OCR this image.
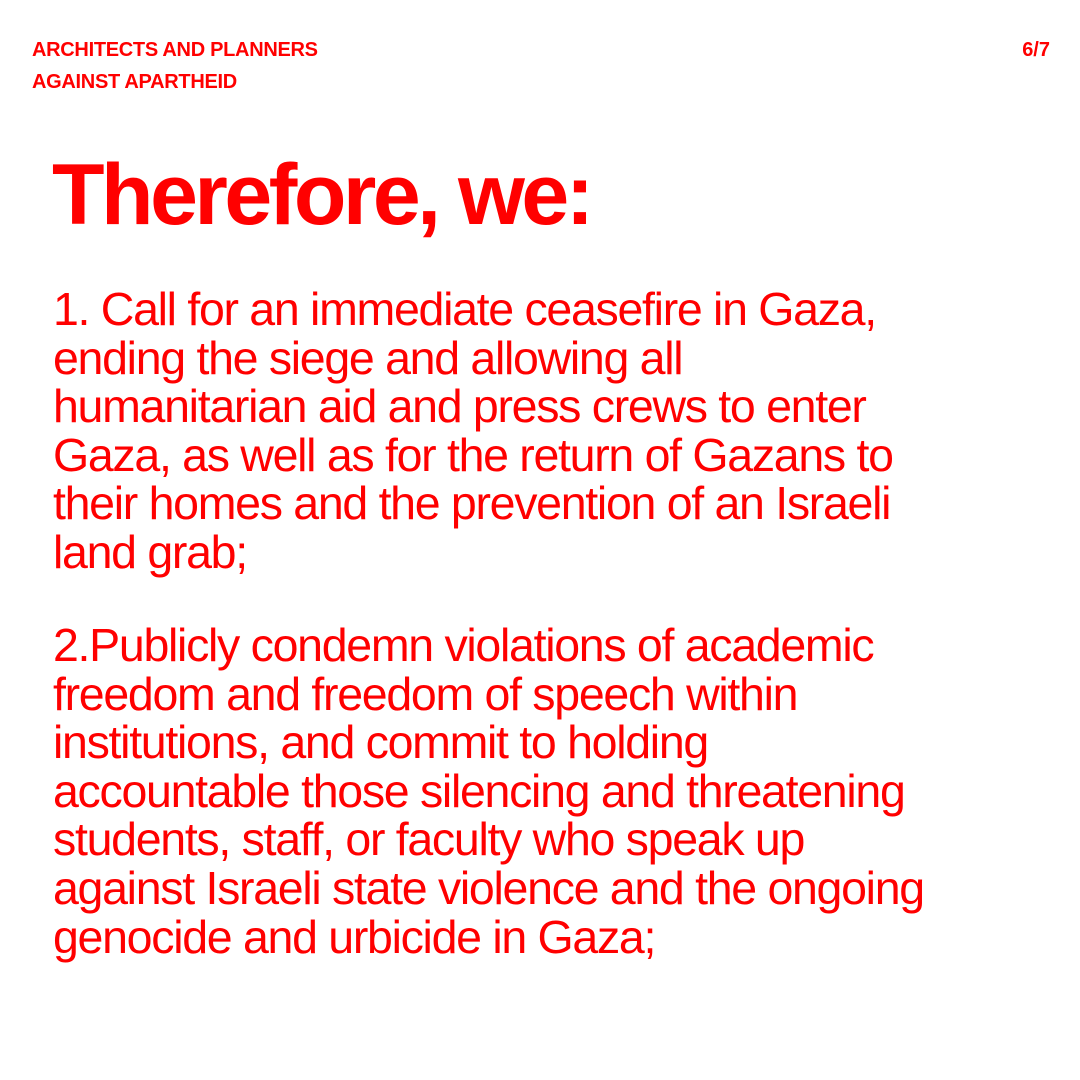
ARCHITECTS AND PLANNERS
AGAINST APARTHEID
6/7
Therefore, we:

1. Call for an immediate ceasefire in Gaza,
ending the siege and allowing all
humanitarian aid and press crews to enter
Gaza, as well as for the return of Gazans to
their homes and the prevention of an Israeli
land grab;

2.Publicly condemn violations of academic
freedom and freedom of speech within
institutions, and commit to holding
accountable those silencing and threatening
students, staff, or faculty who speak up
against Israeli state violence and the ongoing
genocide and urbicide in Gaza;
